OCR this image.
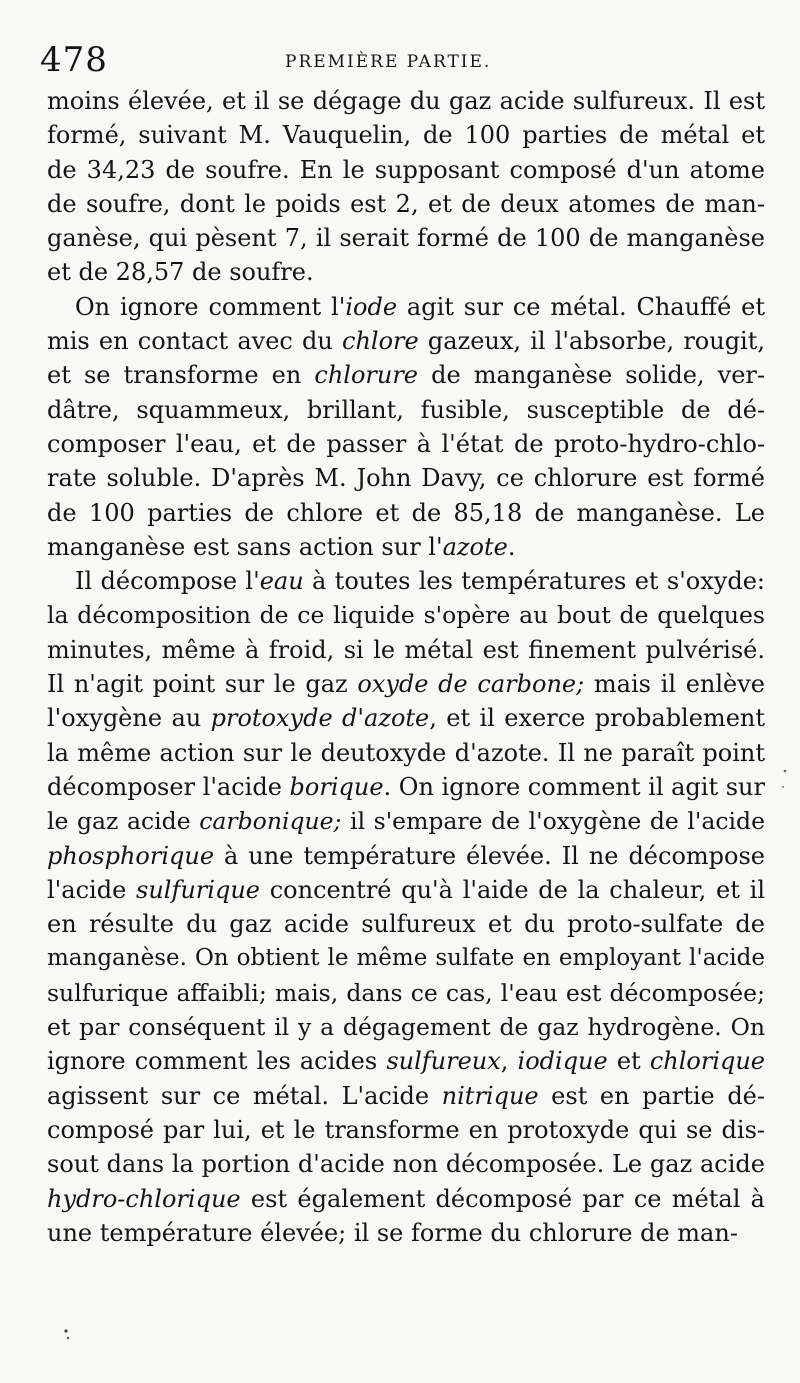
478	PREMIÈRE PARTIE.
moins élevée, et il se dégage du gaz acide sulfureux. Il est
formé, suivant M. Vauquelin, de 100 parties de métal et
de 34,23 de soufre. En le supposant composé d'un atome
de soufre, dont le poids est 2, et de deux atomes de man-
ganèse, qui pèsent 7, il serait formé de 100 de manganèse
et de 28,57 de soufre.
On ignore comment l'iode agit sur ce métal. Chauffé et
mis en contact avec du chlore gazeux, il l'absorbe, rougit,
et se transforme en chlorure de manganèse solide, ver-
dâtre, squammeux, brillant, fusible, susceptible de dé-
composer l'eau, et de passer à l'état de proto-hydro-chlo-
rate soluble. D'après M. John Davy, ce chlorure est formé
de 100 parties de chlore et de 85,18 de manganèse. Le
manganèse est sans action sur l'azote.
Il décompose l'eau à toutes les températures et s'oxyde:
la décomposition de ce liquide s'opère au bout de quelques
minutes, même à froid, si le métal est finement pulvérisé.
Il n'agit point sur le gaz oxyde de carbone; mais il enlève
l'oxygène au protoxyde d'azote, et il exerce probablement
la même action sur le deutoxyde d'azote. Il ne paraît point
décomposer l'acide borique. On ignore comment il agit sur
le gaz acide carbonique; il s'empare de l'oxygène de l'acide
phosphorique à une température élevée. Il ne décompose
l'acide sulfurique concentré qu'à l'aide de la chaleur, et il
en résulte du gaz acide sulfureux et du proto-sulfate de
manganèse. On obtient le même sulfate en employant l'acide
sulfurique affaibli; mais, dans ce cas, l'eau est décomposée;
et par conséquent il y a dégagement de gaz hydrogène. On
ignore comment les acides sulfureux, iodique et chlorique
agissent sur ce métal. L'acide nitrique est en partie dé-
composé par lui, et le transforme en protoxyde qui se dis-
sout dans la portion d'acide non décomposée. Le gaz acide
hydro-chlorique est également décomposé par ce métal à
une température élevée; il se forme du chlorure de man-
